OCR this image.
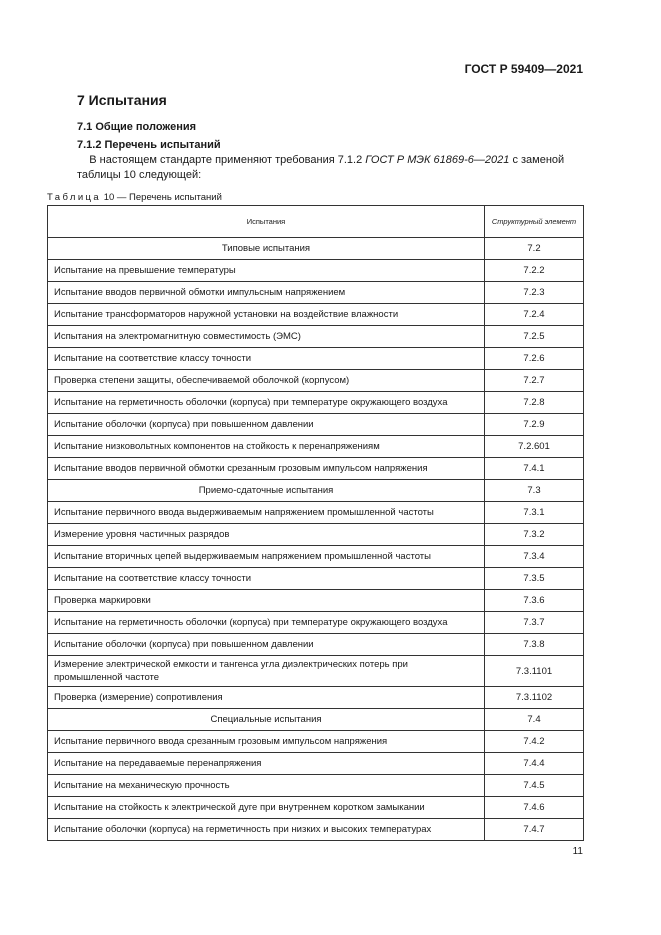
ГОСТ Р 59409—2021
7 Испытания
7.1 Общие положения
7.1.2 Перечень испытаний
В настоящем стандарте применяют требования 7.1.2 ГОСТ Р МЭК 61869-6—2021 с заменой таблицы 10 следующей:
Таблица 10 — Перечень испытаний
Испытания	Структурный элемент
Типовые испытания	7.2
Испытание на превышение температуры	7.2.2
Испытание вводов первичной обмотки импульсным напряжением	7.2.3
Испытание трансформаторов наружной установки на воздействие влажности	7.2.4
Испытания на электромагнитную совместимость (ЭМС)	7.2.5
Испытание на соответствие классу точности	7.2.6
Проверка степени защиты, обеспечиваемой оболочкой (корпусом)	7.2.7
Испытание на герметичность оболочки (корпуса) при температуре окружающего воздуха	7.2.8
Испытание оболочки (корпуса) при повышенном давлении	7.2.9
Испытание низковольтных компонентов на стойкость к перенапряжениям	7.2.601
Испытание вводов первичной обмотки срезанным грозовым импульсом напряжения	7.4.1
Приемо-сдаточные испытания	7.3
Испытание первичного ввода выдерживаемым напряжением промышленной частоты	7.3.1
Измерение уровня частичных разрядов	7.3.2
Испытание вторичных цепей выдерживаемым напряжением промышленной частоты	7.3.4
Испытание на соответствие классу точности	7.3.5
Проверка маркировки	7.3.6
Испытание на герметичность оболочки (корпуса) при температуре окружающего воздуха	7.3.7
Испытание оболочки (корпуса) при повышенном давлении	7.3.8
Измерение электрической емкости и тангенса угла диэлектрических потерь при промышленной частоте	7.3.1101
Проверка (измерение) сопротивления	7.3.1102
Специальные испытания	7.4
Испытание первичного ввода срезанным грозовым импульсом напряжения	7.4.2
Испытание на передаваемые перенапряжения	7.4.4
Испытание на механическую прочность	7.4.5
Испытание на стойкость к электрической дуге при внутреннем коротком замыкании	7.4.6
Испытание оболочки (корпуса) на герметичность при низких и высоких температурах	7.4.7
11
